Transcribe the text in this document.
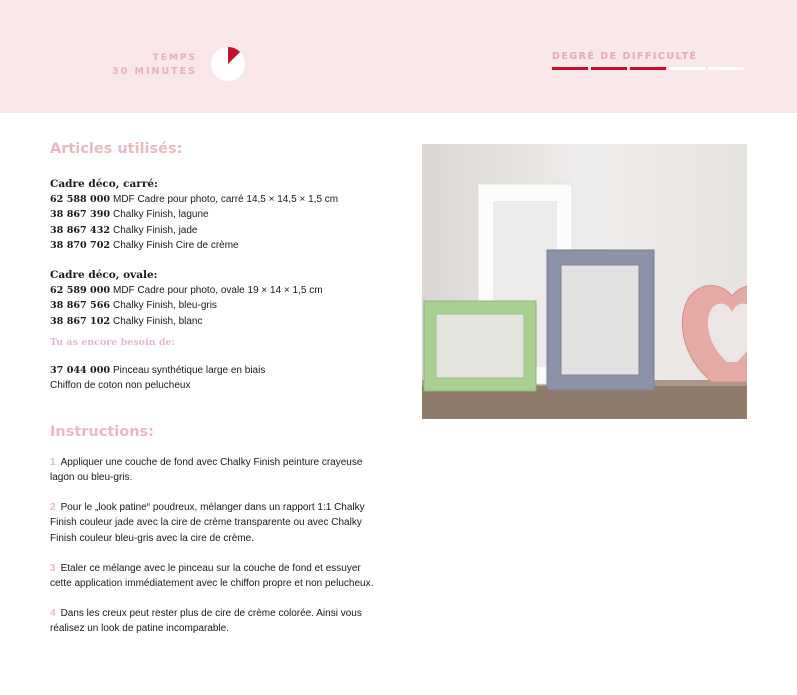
TEMPS
30 MINUTES
DEGRÉ DE DIFFICULTÉ
Articles utilisés:

Cadre déco, carré:

62 588 000 MDF Cadre pour photo, carré 14,5 × 14,5 × 1,5 cm
38 867 390 Chalky Finish, lagune
38 867 432 Chalky Finish, jade
38 870 702 Chalky Finish Cire de crème

Cadre déco, ovale:

62 589 000 MDF Cadre pour photo, ovale 19 × 14 × 1,5 cm
38 867 566 Chalky Finish, bleu-gris
38 867 102 Chalky Finish, blanc

Tu as encore besoin de:

37 044 000 Pinceau synthétique large en biais
Chiffon de coton non pelucheux
Instructions:

1 Appliquer une couche de fond avec Chalky Finish peinture crayeuse lagon ou bleu-gris.

2 Pour le „look patine“ poudreux, mélanger dans un rapport 1:1 Chalky Finish couleur jade avec la cire de crème transparente ou avec Chalky Finish couleur bleu-gris avec la cire de crème.

3 Etaler ce mélange avec le pinceau sur la couche de fond et essuyer cette application immédiatement avec le chiffon propre et non pelucheux.

4 Dans les creux peut rester plus de cire de crème colorée. Ainsi vous réalisez un look de patine incomparable.
